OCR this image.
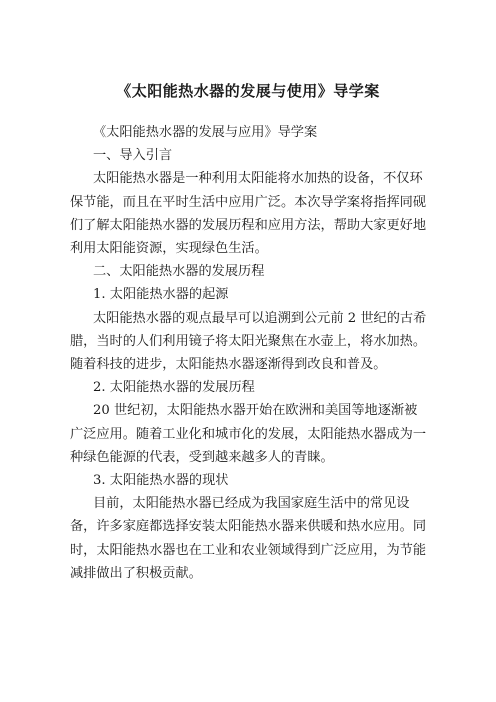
《太阳能热水器的发展与使用》导学案

《太阳能热水器的发展与应用》导学案

一、导入引言

太阳能热水器是一种利用太阳能将水加热的设备，不仅环保节能，而且在平时生活中应用广泛。本次导学案将指挥同砚们了解太阳能热水器的发展历程和应用方法，帮助大家更好地利用太阳能资源，实现绿色生活。

二、太阳能热水器的发展历程

1. 太阳能热水器的起源

太阳能热水器的观点最早可以追溯到公元前 2 世纪的古希腊，当时的人们利用镜子将太阳光聚焦在水壶上，将水加热。随着科技的进步，太阳能热水器逐渐得到改良和普及。

2. 太阳能热水器的发展历程

20 世纪初，太阳能热水器开始在欧洲和美国等地逐渐被广泛应用。随着工业化和城市化的发展，太阳能热水器成为一种绿色能源的代表，受到越来越多人的青睐。

3. 太阳能热水器的现状

目前，太阳能热水器已经成为我国家庭生活中的常见设备，许多家庭都选择安装太阳能热水器来供暖和热水应用。同时，太阳能热水器也在工业和农业领域得到广泛应用，为节能减排做出了积极贡献。
